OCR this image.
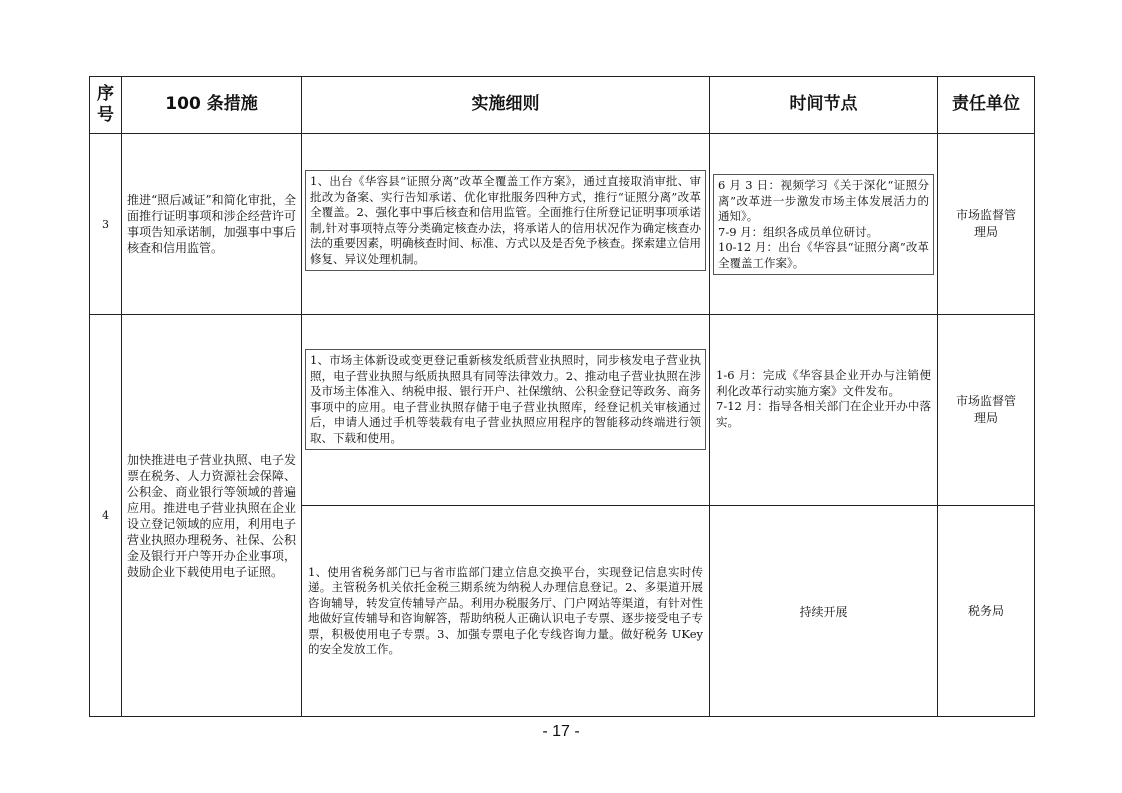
序号	100 条措施	实施细则	时间节点	责任单位
3	推进“照后减证”和简化审批，全面推行证明事项和涉企经营许可事项告知承诺制，加强事中事后核查和信用监管。	1、出台《华容县“证照分离”改革全覆盖工作方案》，通过直接取消审批、审批改为备案、实行告知承诺、优化审批服务四种方式，推行“证照分离”改革全覆盖。2、强化事中事后核查和信用监管。全面推行住所登记证明事项承诺制,针对事项特点等分类确定核查办法，将承诺人的信用状况作为确定核查办法的重要因素，明确核查时间、标准、方式以及是否免予核查。探索建立信用修复、异议处理机制。	6 月 3 日：视频学习《关于深化“证照分离”改革进一步激发市场主体发展活力的通知》。
7-9 月：组织各成员单位研讨。
10-12 月：出台《华容县“证照分离”改革全覆盖工作案》。	市场监督管理局
4	加快推进电子营业执照、电子发票在税务、人力资源社会保障、公积金、商业银行等领域的普遍应用。推进电子营业执照在企业设立登记领域的应用，利用电子营业执照办理税务、社保、公积金及银行开户等开办企业事项，鼓励企业下载使用电子证照。	1、市场主体新设或变更登记重新核发纸质营业执照时，同步核发电子营业执照，电子营业执照与纸质执照具有同等法律效力。2、推动电子营业执照在涉及市场主体准入、纳税申报、银行开户、社保缴纳、公积金登记等政务、商务事项中的应用。电子营业执照存储于电子营业执照库，经登记机关审核通过后，申请人通过手机等装载有电子营业执照应用程序的智能移动终端进行领取、下载和使用。	1-6 月：完成《华容县企业开办与注销便利化改革行动实施方案》文件发布。
7-12 月：指导各相关部门在企业开办中落实。	市场监督管理局

		1、使用省税务部门已与省市监部门建立信息交换平台，实现登记信息实时传递。主管税务机关依托金税三期系统为纳税人办理信息登记。2、多渠道开展咨询辅导，转发宣传辅导产品。利用办税服务厅、门户网站等渠道，有针对性地做好宣传辅导和咨询解答，帮助纳税人正确认识电子专票、逐步接受电子专票，积极使用电子专票。3、加强专票电子化专线咨询力量。做好税务 UKey 的安全发放工作。	持续开展	税务局
- 17 -
